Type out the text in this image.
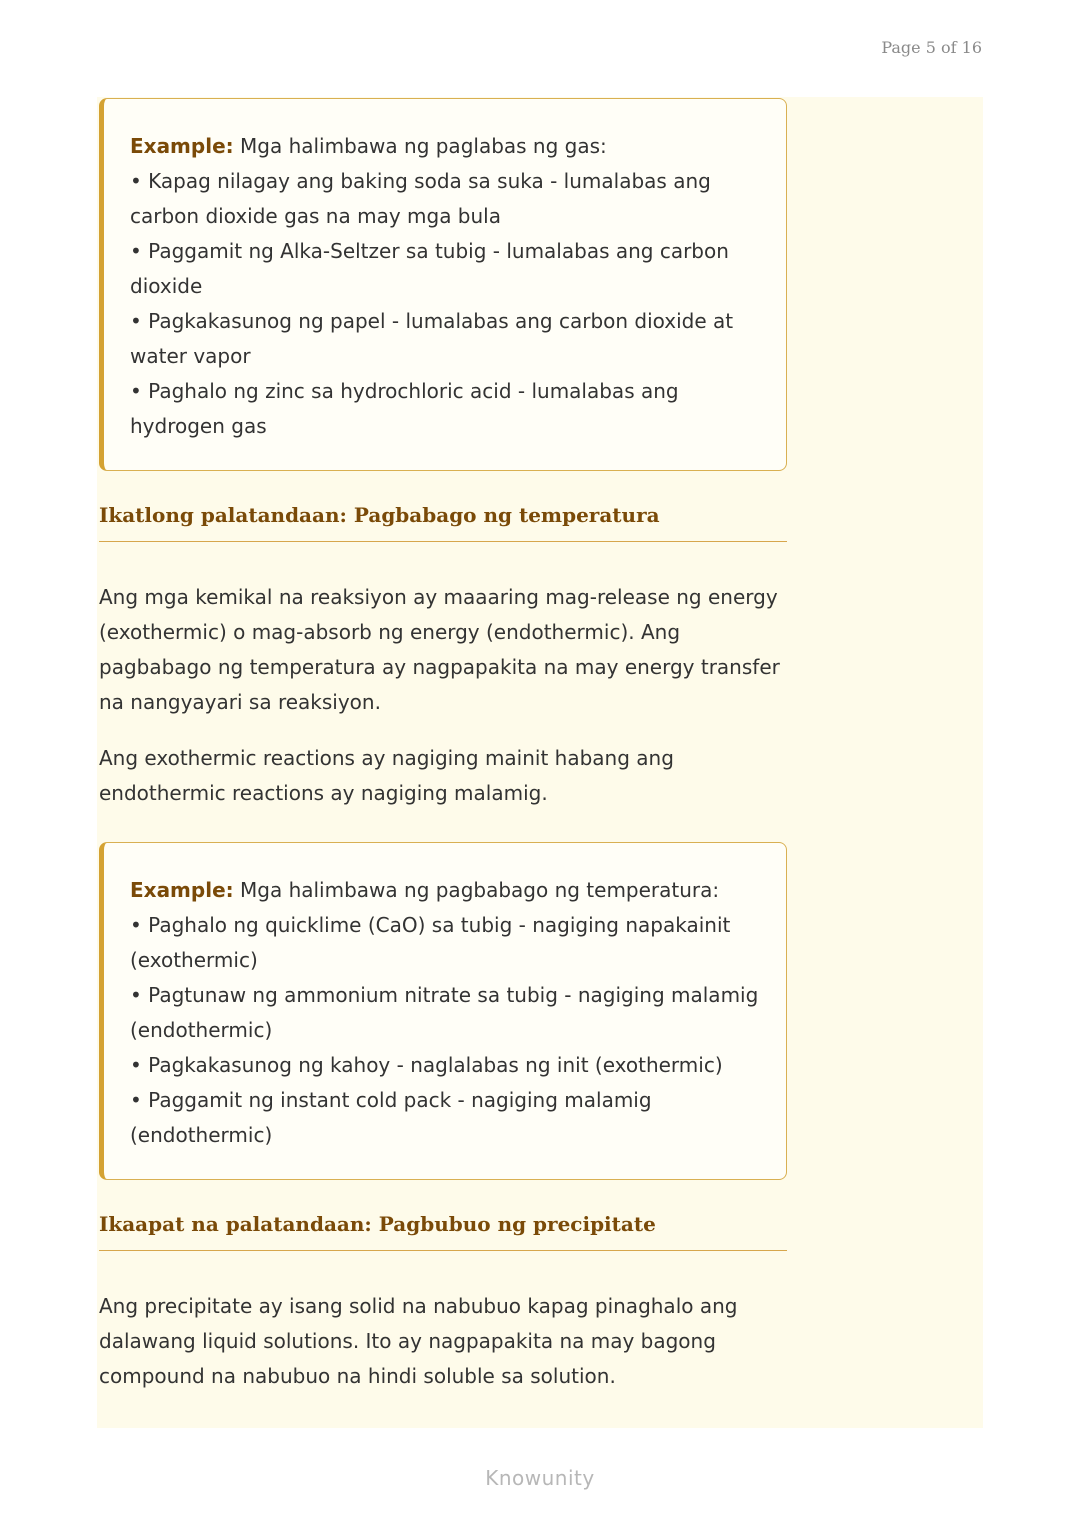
Page 5 of 16
Example: Mga halimbawa ng paglabas ng gas:
• Kapag nilagay ang baking soda sa suka - lumalabas ang carbon dioxide gas na may mga bula
• Paggamit ng Alka-Seltzer sa tubig - lumalabas ang carbon dioxide
• Pagkakasunog ng papel - lumalabas ang carbon dioxide at water vapor
• Paghalo ng zinc sa hydrochloric acid - lumalabas ang hydrogen gas
Ikatlong palatandaan: Pagbabago ng temperatura

Ang mga kemikal na reaksiyon ay maaaring mag-release ng energy (exothermic) o mag-absorb ng energy (endothermic). Ang pagbabago ng temperatura ay nagpapakita na may energy transfer na nangyayari sa reaksiyon.

Ang exothermic reactions ay nagiging mainit habang ang endothermic reactions ay nagiging malamig.

Example: Mga halimbawa ng pagbabago ng temperatura:
• Paghalo ng quicklime (CaO) sa tubig - nagiging napakainit (exothermic)
• Pagtunaw ng ammonium nitrate sa tubig - nagiging malamig (endothermic)
• Pagkakasunog ng kahoy - naglalabas ng init (exothermic)
• Paggamit ng instant cold pack - nagiging malamig (endothermic)
Ikaapat na palatandaan: Pagbubuo ng precipitate

Ang precipitate ay isang solid na nabubuo kapag pinaghalo ang dalawang liquid solutions. Ito ay nagpapakita na may bagong compound na nabubuo na hindi soluble sa solution.

Knowunity
